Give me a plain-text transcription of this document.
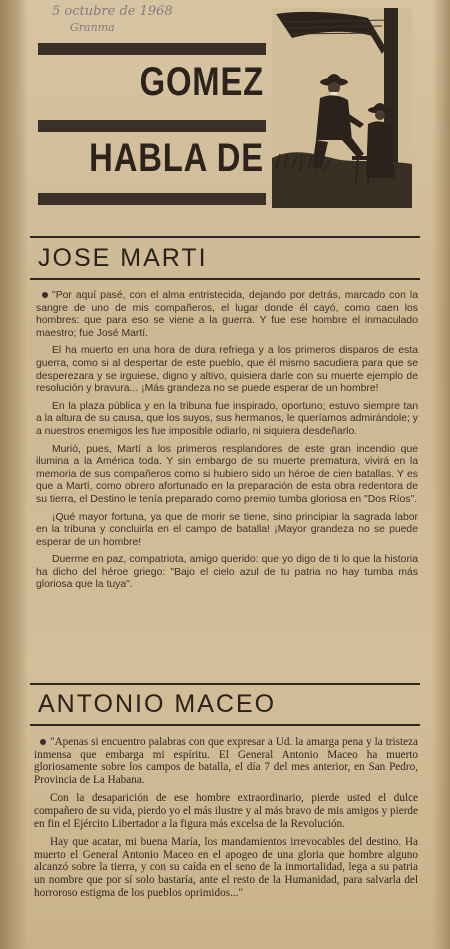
5 octubre de 1968
Granma
GOMEZ
HABLA DE
JOSE MARTI

"Por aquí pasé, con el alma entristecida, dejando por detrás, marcado con la sangre de uno de mis compañeros, el lugar donde él cayó, como caen los hombres: que para eso se viene a la guerra. Y fue ese hombre el inmaculado maestro; fue José Martí.

El ha muerto en una hora de dura refriega y a los primeros disparos de esta guerra, como si al despertar de este pueblo, que él mismo sacudiera para que se desperezara y se irguiese, digno y altivo, quisiera darle con su muerte ejemplo de resolución y bravura... ¡Más grandeza no se puede esperar de un hombre!

En la plaza pública y en la tribuna fue inspirado, oportuno; estuvo siempre tan a la altura de su causa, que los suyos, sus hermanos, le queríamos admirándole; y a nuestros enemigos les fue imposible odiarlo, ni siquiera desdeñarlo.

Murió, pues, Martí a los primeros resplandores de este gran incendio que ilumina a la América toda. Y sin embargo de su muerte prematura, vivirá en la memoria de sus compañeros como si hubiero sido un héroe de cien batallas. Y es que a Martí, como obrero afortunado en la preparación de esta obra redentora de su tierra, el Destino le tenía preparado como premio tumba gloriosa en "Dos Ríos".

¡Qué mayor fortuna, ya que de morir se tiene, sino principiar la sagrada labor en la tribuna y concluirla en el campo de batalla! ¡Mayor grandeza no se puede esperar de un hombre!

Duerme en paz, compatriota, amigo querido: que yo digo de ti lo que la historia ha dicho del héroe griego: "Bajo el cielo azul de tu patria no hay tumba más gloriosa que la tuya".

ANTONIO MACEO

"Apenas si encuentro palabras con que expresar a Ud. la amarga pena y la tristeza inmensa que embarga mi espíritu. El General Antonio Maceo ha muerto gloriosamente sobre los campos de batalla, el día 7 del mes anterior, en San Pedro, Provincia de La Habana.

Con la desaparición de ese hombre extraordinario, pierde usted el dulce compañero de su vida, pierdo yo el más ilustre y al más bravo de mis amigos y pierde en fin el Ejército Libertador a la figura más excelsa de la Revolución.

Hay que acatar, mi buena María, los mandamientos irrevocables del destino. Ha muerto el General Antonio Maceo en el apogeo de una gloria que hombre alguno alcanzó sobre la tierra, y con su caída en el seno de la inmortalidad, lega a su patria un nombre que por sí solo bastaría, ante el resto de la Humanidad, para salvarla del horroroso estigma de los pueblos oprimidos..."
